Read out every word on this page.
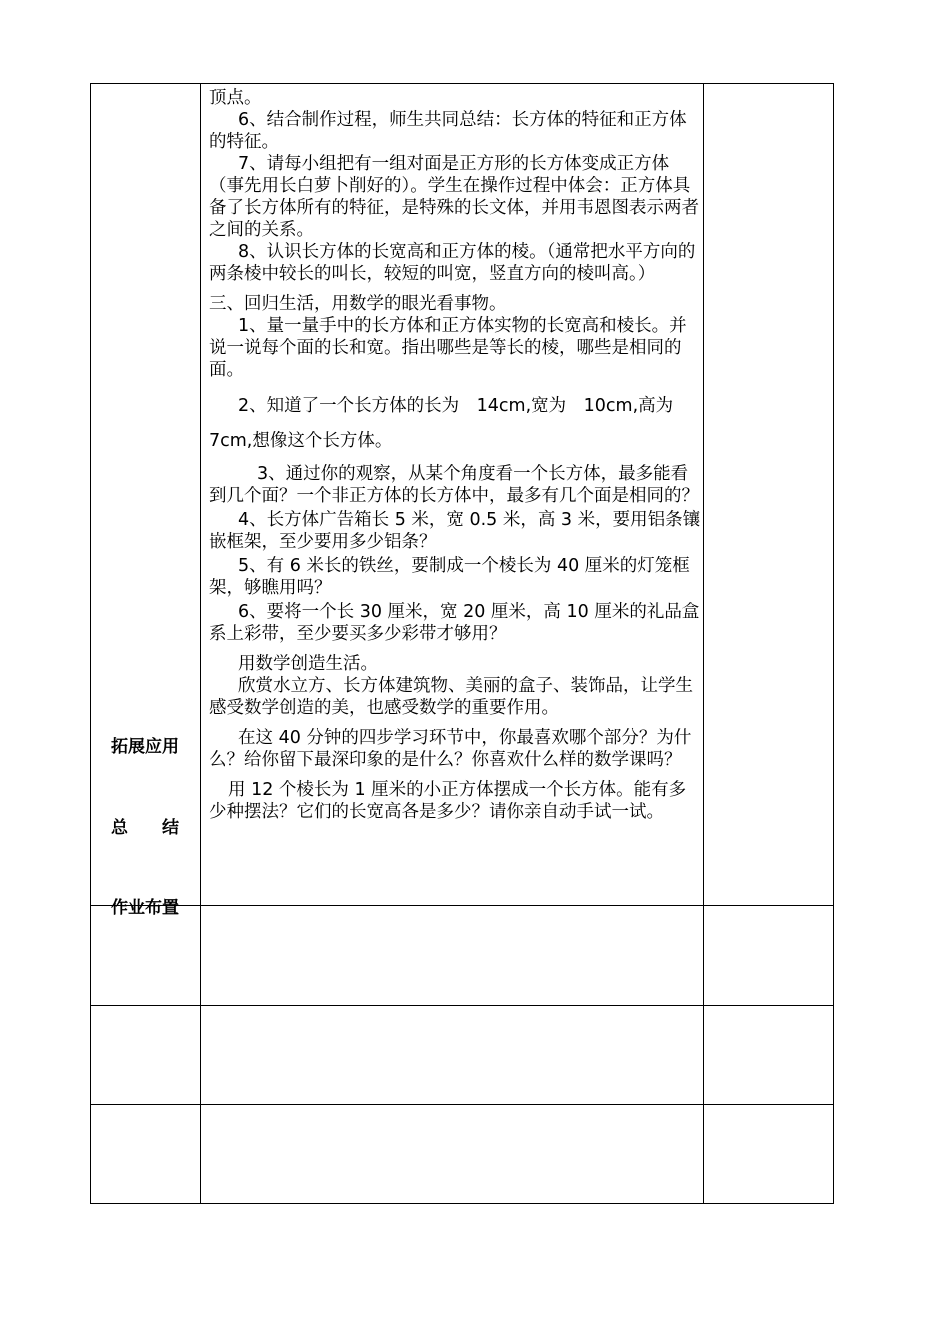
拓展应用
总　　结
作业布置

顶点。

6、结合制作过程，师生共同总结：长方体的特征和正方体的特征。

7、请每小组把有一组对面是正方形的长方体变成正方体（事先用长白萝卜削好的）。学生在操作过程中体会：正方体具备了长方体所有的特征，是特殊的长文体，并用韦恩图表示两者之间的关系。

8、认识长方体的长宽高和正方体的棱。（通常把水平方向的两条棱中较长的叫长，较短的叫宽，竖直方向的棱叫高。）

三、回归生活，用数学的眼光看事物。

1、量一量手中的长方体和正方体实物的长宽高和棱长。并说一说每个面的长和宽。指出哪些是等长的棱，哪些是相同的面。

2、知道了一个长方体的长为　14cm,宽为　10cm,高为7cm,想像这个长方体。

3、通过你的观察，从某个角度看一个长方体，最多能看到几个面？一个非正方体的长方体中，最多有几个面是相同的？

4、长方体广告箱长 5 米，宽 0.5 米，高 3 米，要用铝条镶嵌框架，至少要用多少铝条？

5、有 6 米长的铁丝，要制成一个棱长为 40 厘米的灯笼框架，够瞧用吗？

6、要将一个长 30 厘米，宽 20 厘米，高 10 厘米的礼品盒系上彩带，至少要买多少彩带才够用？

用数学创造生活。

欣赏水立方、长方体建筑物、美丽的盒子、装饰品，让学生感受数学创造的美，也感受数学的重要作用。

在这 40 分钟的四步学习环节中，你最喜欢哪个部分？为什么？给你留下最深印象的是什么？你喜欢什么样的数学课吗？

用 12 个棱长为 1 厘米的小正方体摆成一个长方体。能有多少种摆法？它们的长宽高各是多少？请你亲自动手试一试。
